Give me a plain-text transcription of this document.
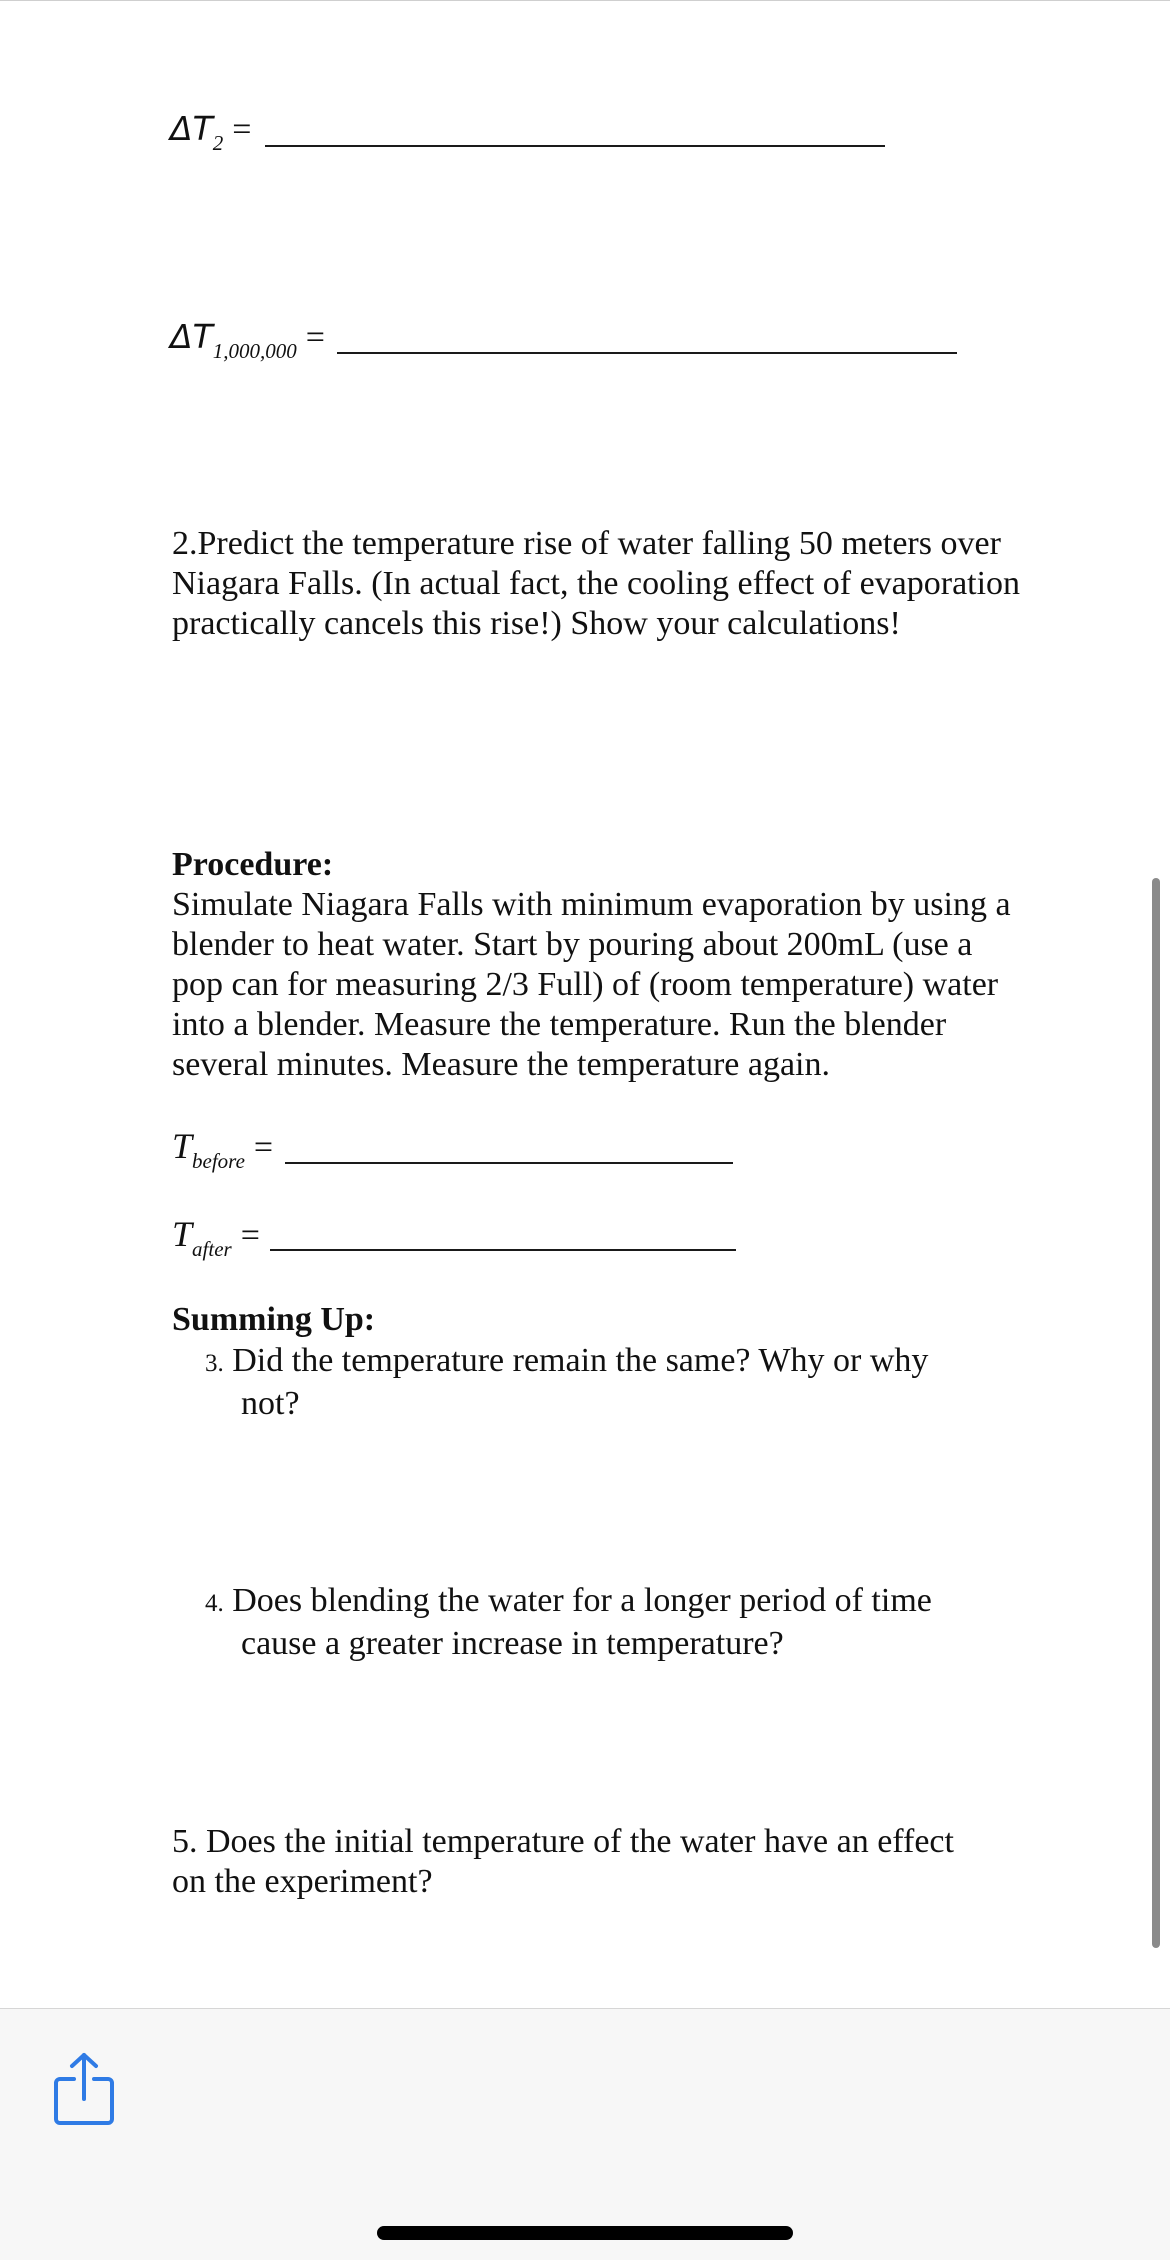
$\Delta T_2$ =
$\Delta T_{1,000,000}$ =
2.Predict the temperature rise of water falling 50 meters over Niagara Falls. (In actual fact, the cooling effect of evaporation practically cancels this rise!) Show your calculations!
Procedure:
Simulate Niagara Falls with minimum evaporation by using a blender to heat water. Start by pouring about 200mL (use a pop can for measuring 2/3 Full) of (room temperature) water into a blender. Measure the temperature. Run the blender several minutes. Measure the temperature again.
$T_{before}$ =
$T_{after}$ =
Summing Up:
3. Did the temperature remain the same? Why or why
not?
4. Does blending the water for a longer period of time
cause a greater increase in temperature?
5. Does the initial temperature of the water have an effect on the experiment?
